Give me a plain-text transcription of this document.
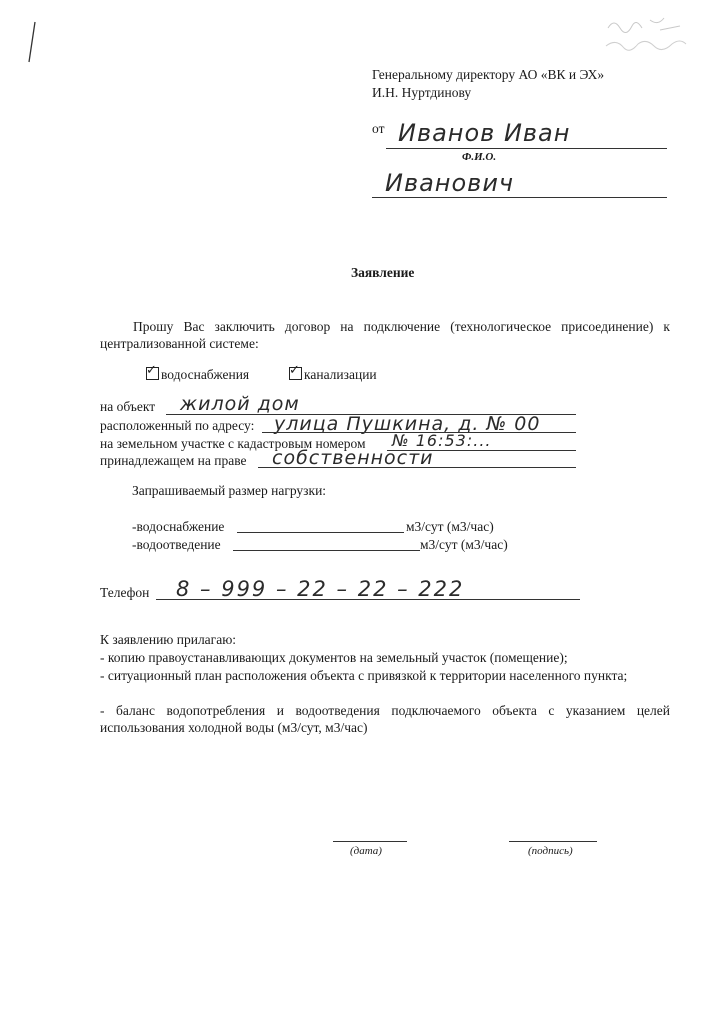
Генеральному директору АО «ВК и ЭХ»
И.Н. Нуртдинову
от Иванов Иван
Ф.И.О.
Иванович
Заявление
Прошу Вас заключить договор на подключение (технологическое присоединение) к централизованной системе:
✓ водоснабжения	✓ канализации
на объект жилой дом
расположенный по адресу: улица Пушкина, д. № 00
на земельном участке с кадастровым номером № 16:53:...
принадлежащем на праве собственности
Запрашиваемый размер нагрузки:
-водоснабжение	м3/сут (м3/час)
-водоотведение	м3/сут (м3/час)
Телефон 8 – 999 – 22 – 22 – 222
К заявлению прилагаю:
- копию правоустанавливающих документов на земельный участок (помещение);
- ситуационный план расположения объекта с привязкой к территории населенного пункта;
- баланс водопотребления и водоотведения подключаемого объекта с указанием целей использования холодной воды (м3/сут, м3/час)
(дата)	(подпись)
